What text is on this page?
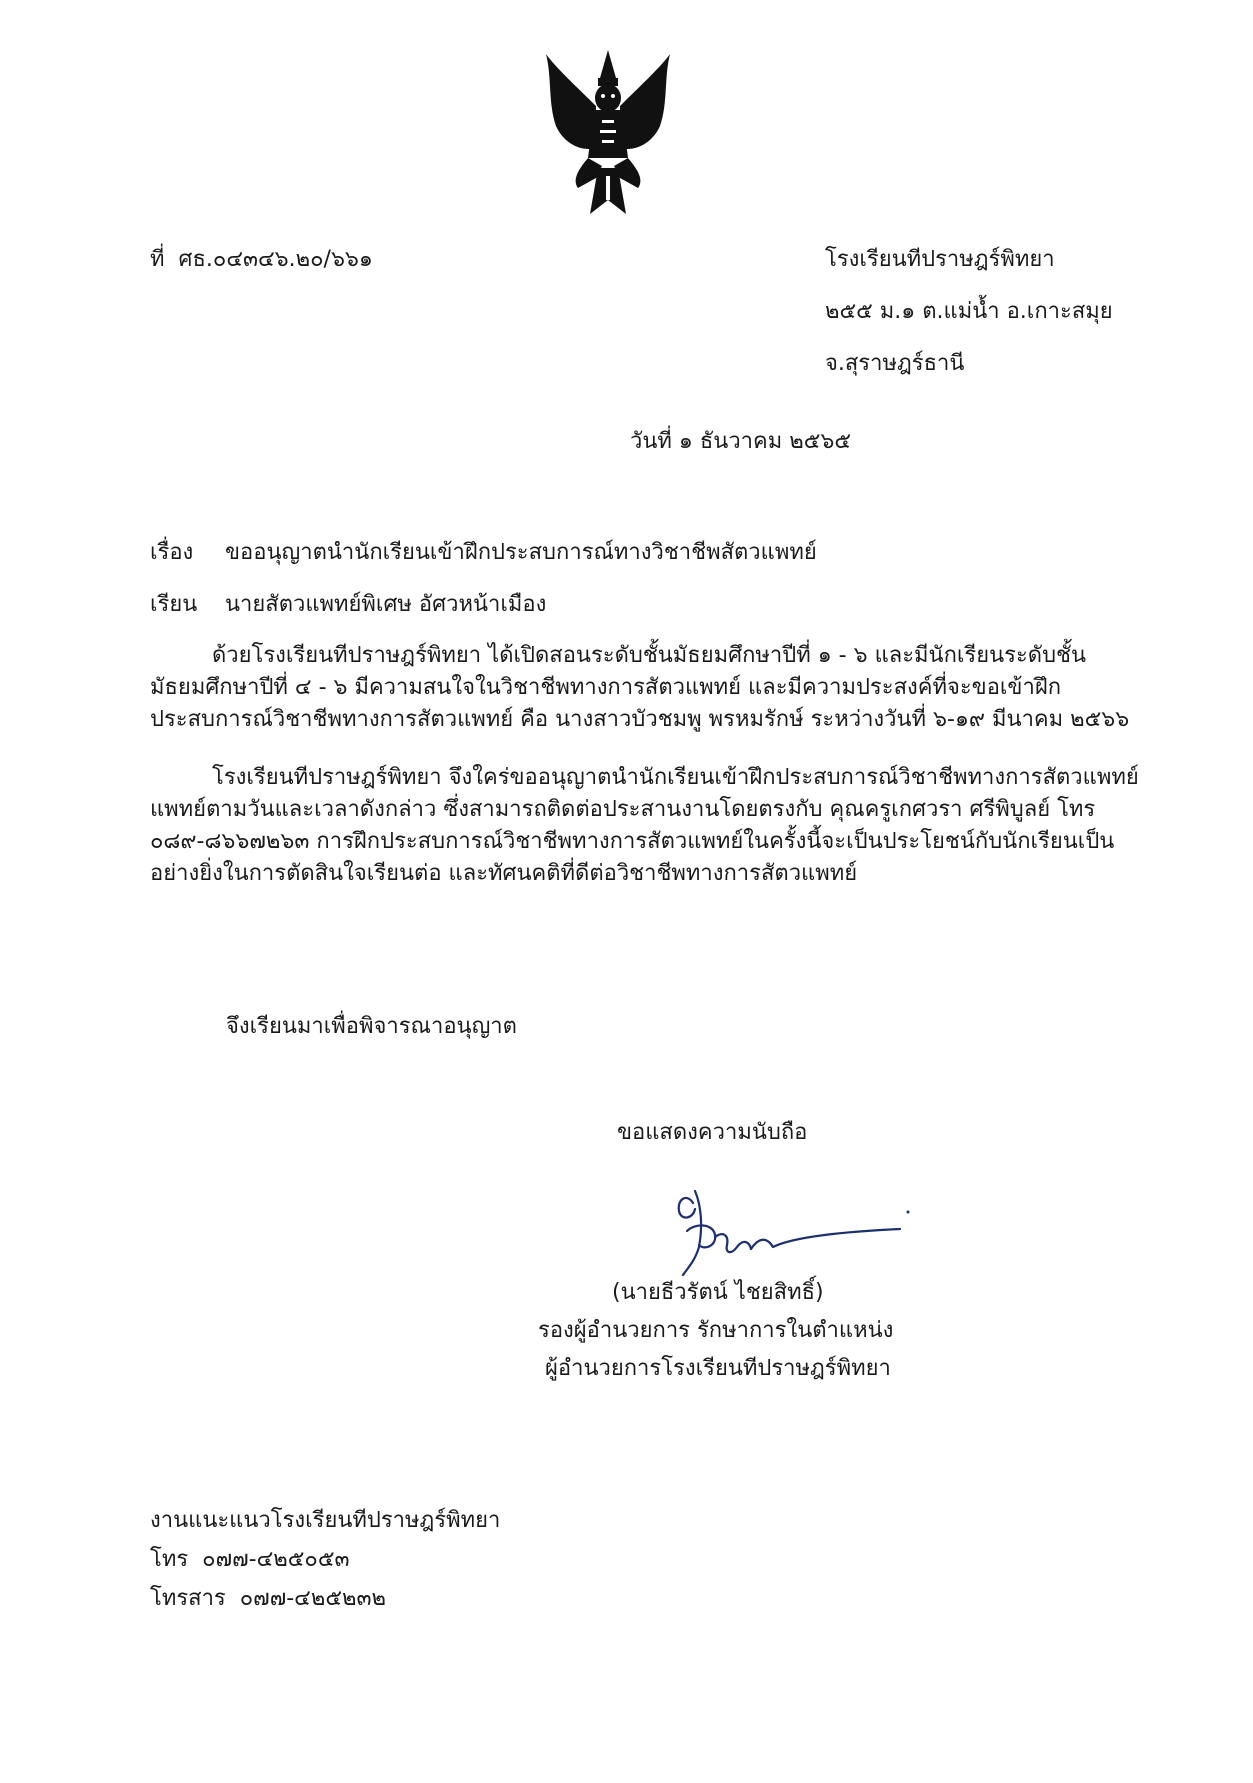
ที่ ศธ.๐๔๓๔๖.๒๐/๖๖๑	โรงเรียนทีปราษฎร์พิทยา
๒๕๕ ม.๑ ต.แม่น้ำ อ.เกาะสมุย
จ.สุราษฎร์ธานี
วันที่ ๑ ธันวาคม ๒๕๖๕
เรื่อง ขออนุญาตนำนักเรียนเข้าฝึกประสบการณ์ทางวิชาชีพสัตวแพทย์
เรียน นายสัตวแพทย์พิเศษ อัศวหน้าเมือง
ด้วยโรงเรียนทีปราษฎร์พิทยา ได้เปิดสอนระดับชั้นมัธยมศึกษาปีที่ ๑ - ๖ และมีนักเรียนระดับชั้น
มัธยมศึกษาปีที่ ๔ - ๖ มีความสนใจในวิชาชีพทางการสัตวแพทย์ และมีความประสงค์ที่จะขอเข้าฝึก
ประสบการณ์วิชาชีพทางการสัตวแพทย์ คือ นางสาวบัวชมพู พรหมรักษ์ ระหว่างวันที่ ๖-๑๙ มีนาคม ๒๕๖๖
โรงเรียนทีปราษฎร์พิทยา จึงใคร่ขออนุญาตนำนักเรียนเข้าฝึกประสบการณ์วิชาชีพทางการสัตวแพทย์
แพทย์ตามวันและเวลาดังกล่าว ซึ่งสามารถติดต่อประสานงานโดยตรงกับ คุณครูเกศวรา ศรีพิบูลย์ โทร
๐๘๙-๘๖๖๗๒๖๓ การฝึกประสบการณ์วิชาชีพทางการสัตวแพทย์ในครั้งนี้จะเป็นประโยชน์กับนักเรียนเป็น
อย่างยิ่งในการตัดสินใจเรียนต่อ และทัศนคติที่ดีต่อวิชาชีพทางการสัตวแพทย์
จึงเรียนมาเพื่อพิจารณาอนุญาต
ขอแสดงความนับถือ
(นายธีวรัตน์ ไชยสิทธิ์)
รองผู้อำนวยการ รักษาการในตำแหน่ง
ผู้อำนวยการโรงเรียนทีปราษฎร์พิทยา
งานแนะแนวโรงเรียนทีปราษฎร์พิทยา
โทร ๐๗๗-๔๒๕๐๕๓
โทรสาร ๐๗๗-๔๒๕๒๓๒
